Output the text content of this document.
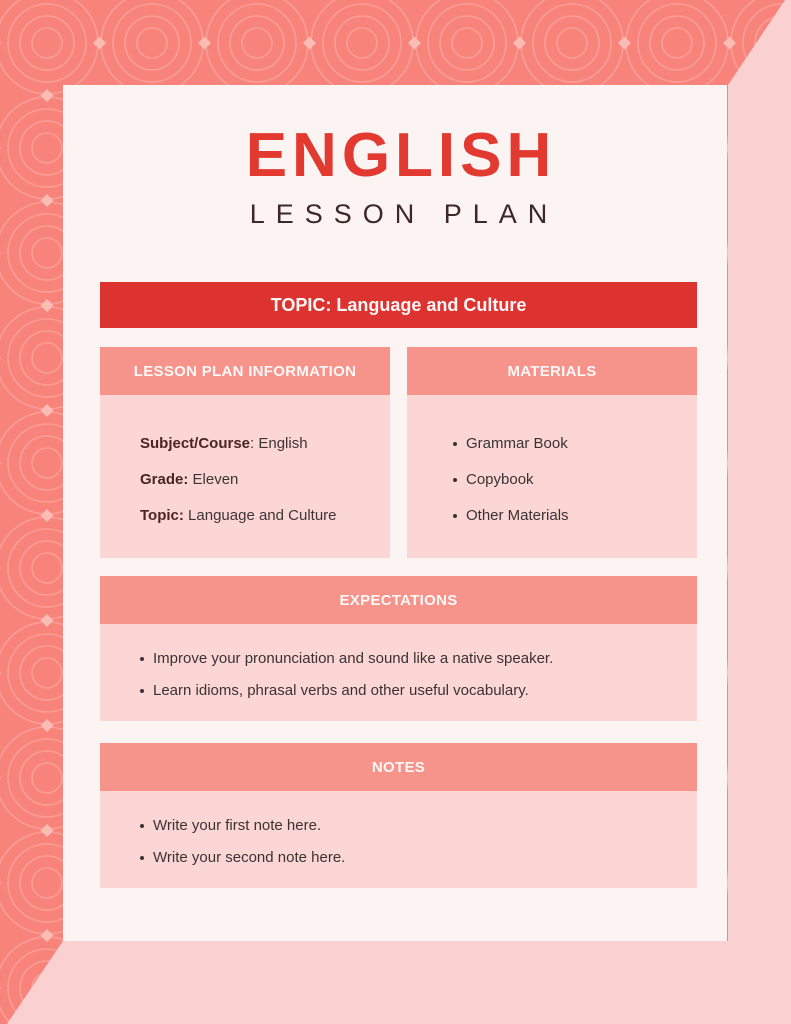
ENGLISH
LESSON PLAN
TOPIC: Language and Culture
LESSON PLAN INFORMATION

Subject/Course: English

Grade: Eleven

Topic: Language and Culture

MATERIALS
Grammar Book
Copybook
Other Materials
EXPECTATIONS
Improve your pronunciation and sound like a native speaker.
Learn idioms, phrasal verbs and other useful vocabulary.
NOTES
Write your first note here.
Write your second note here.
